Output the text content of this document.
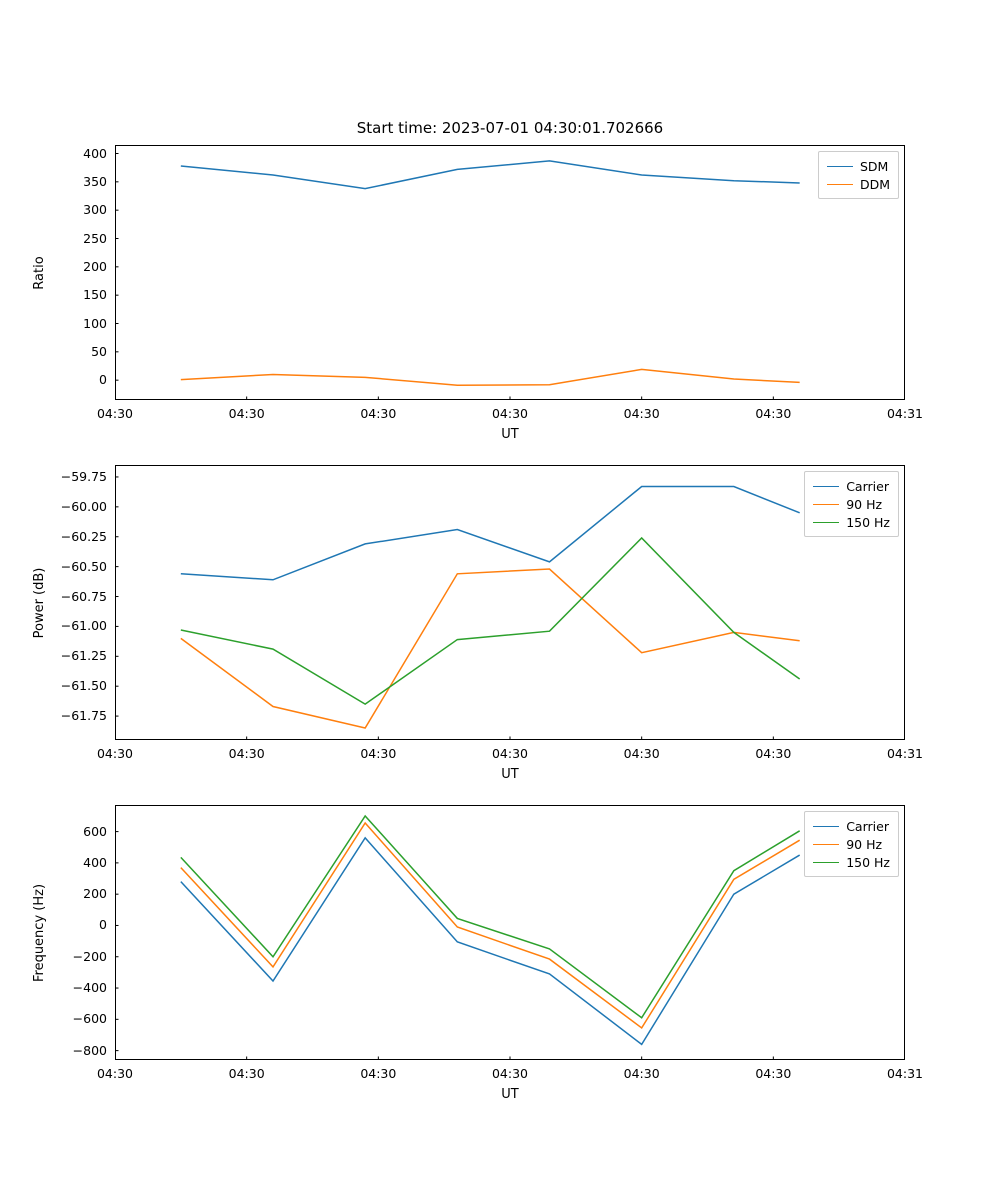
Start time: 2023-07-01 04:30:01.702666
SDM
DDM
Ratio
UT
Carrier
90 Hz
150 Hz
Power (dB)
UT
Carrier
90 Hz
150 Hz
Frequency (Hz)
UT
0
50
100
150
200
250
300
350
400
04:30	04:30	04:30	04:30	04:30	04:30	04:31
−59.75
−60.00
−60.25
−60.50
−60.75
−61.00
−61.25
−61.50
−61.75
04:30	04:30	04:30	04:30	04:30	04:30	04:31
−800
−600
−400
−200
0
200
400
600
04:30	04:30	04:30	04:30	04:30	04:30	04:31
